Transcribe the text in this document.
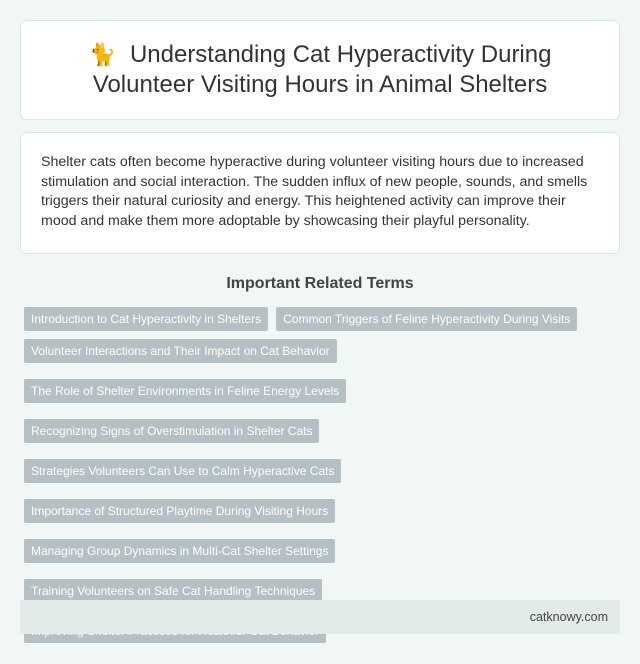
🐈 Understanding Cat Hyperactivity During Volunteer Visiting Hours in Animal Shelters

Shelter cats often become hyperactive during volunteer visiting hours due to increased stimulation and social interaction. The sudden influx of new people, sounds, and smells triggers their natural curiosity and energy. This heightened activity can improve their mood and make them more adoptable by showcasing their playful personality.

Important Related Terms
Introduction to Cat Hyperactivity in Shelters	Common Triggers of Feline Hyperactivity During Visits
Volunteer Interactions and Their Impact on Cat Behavior
The Role of Shelter Environments in Feline Energy Levels
Recognizing Signs of Overstimulation in Shelter Cats
Strategies Volunteers Can Use to Calm Hyperactive Cats
Importance of Structured Playtime During Visiting Hours
Managing Group Dynamics in Multi-Cat Shelter Settings
Training Volunteers on Safe Cat Handling Techniques
catknowy.com
